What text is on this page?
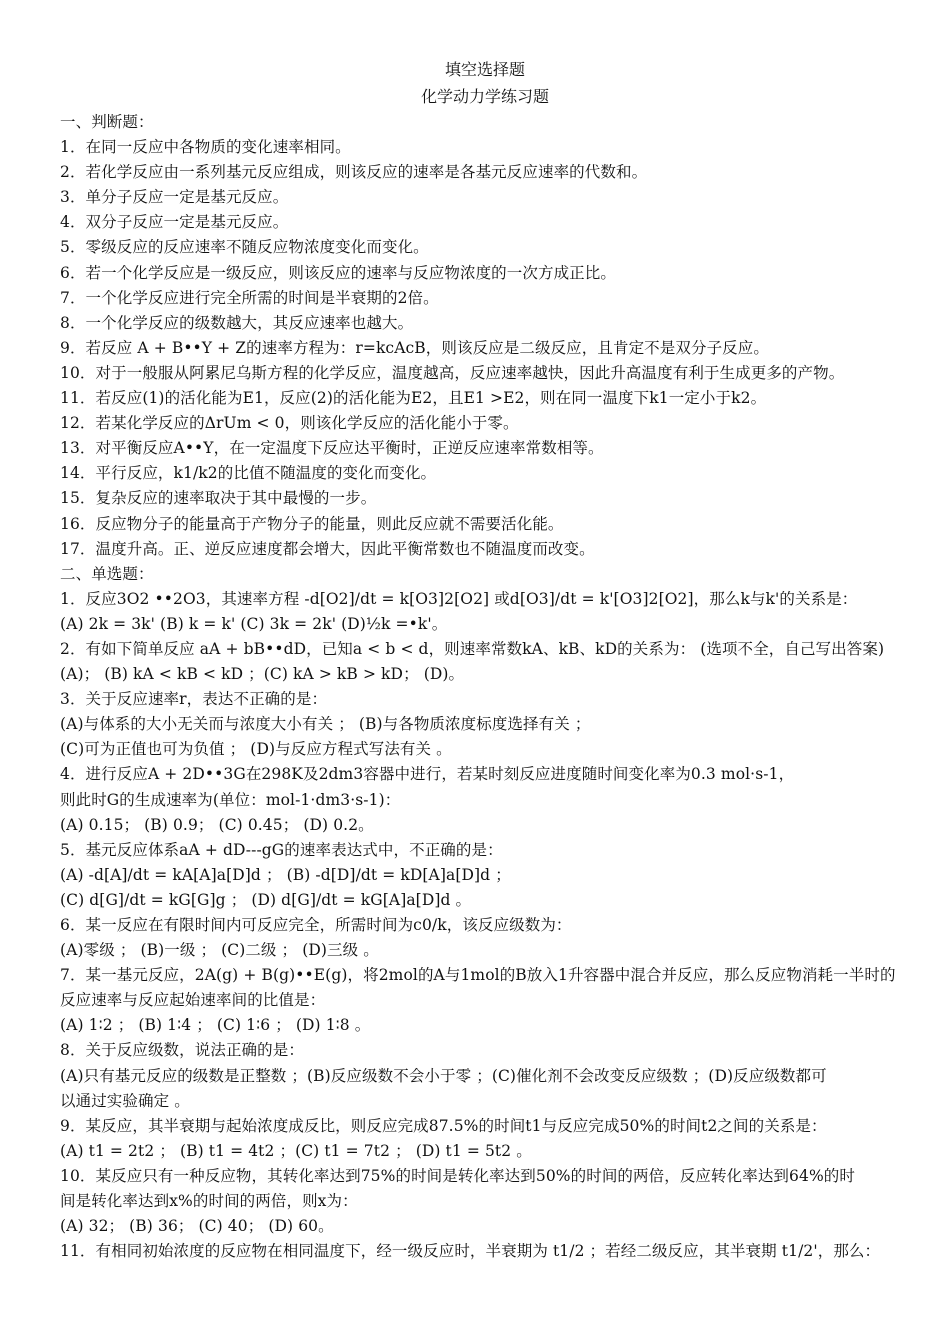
填空选择题
化学动力学练习题
一、判断题：
1．在同一反应中各物质的变化速率相同。
2．若化学反应由一系列基元反应组成，则该反应的速率是各基元反应速率的代数和。
3．单分子反应一定是基元反应。
4．双分子反应一定是基元反应。
5．零级反应的反应速率不随反应物浓度变化而变化。
6．若一个化学反应是一级反应，则该反应的速率与反应物浓度的一次方成正比。
7．一个化学反应进行完全所需的时间是半衰期的2倍。
8．一个化学反应的级数越大，其反应速率也越大。
9．若反应 A + B••Y + Z的速率方程为：r=kcAcB，则该反应是二级反应，且肯定不是双分子反应。
10．对于一般服从阿累尼乌斯方程的化学反应，温度越高，反应速率越快，因此升高温度有利于生成更多的产物。
11．若反应(1)的活化能为E1，反应(2)的活化能为E2，且E1 >E2，则在同一温度下k1一定小于k2。
12．若某化学反应的ΔrUm < 0，则该化学反应的活化能小于零。
13．对平衡反应A••Y，在一定温度下反应达平衡时，正逆反应速率常数相等。
14．平行反应，k1/k2的比值不随温度的变化而变化。
15．复杂反应的速率取决于其中最慢的一步。
16．反应物分子的能量高于产物分子的能量，则此反应就不需要活化能。
17．温度升高。正、逆反应速度都会增大，因此平衡常数也不随温度而改变。
二、单选题：
1．反应3O2 ••2O3，其速率方程 -d[O2]/dt = k[O3]2[O2] 或d[O3]/dt = k'[O3]2[O2]，那么k与k'的关系是：
(A) 2k = 3k' (B) k = k' (C) 3k = 2k' (D)½k =•k'。
2．有如下简单反应 aA + bB••dD，已知a < b < d，则速率常数kA、kB、kD的关系为： (选项不全，自己写出答案)
(A)； (B) kA < kB < kD ；(C) kA > kB > kD； (D)。
3．关于反应速率r，表达不正确的是：
(A)与体系的大小无关而与浓度大小有关 ； (B)与各物质浓度标度选择有关 ；
(C)可为正值也可为负值 ； (D)与反应方程式写法有关 。
4．进行反应A + 2D••3G在298K及2dm3容器中进行，若某时刻反应进度随时间变化率为0.3 mol·s-1，
则此时G的生成速率为(单位：mol-1·dm3·s-1)：
(A) 0.15； (B) 0.9； (C) 0.45； (D) 0.2。
5．基元反应体系aA + dD---gG的速率表达式中，不正确的是：
(A) -d[A]/dt = kA[A]a[D]d ； (B) -d[D]/dt = kD[A]a[D]d ；
(C) d[G]/dt = kG[G]g ； (D) d[G]/dt = kG[A]a[D]d 。
6．某一反应在有限时间内可反应完全，所需时间为c0/k，该反应级数为：
(A)零级 ； (B)一级 ； (C)二级 ； (D)三级 。
7．某一基元反应，2A(g) + B(g)••E(g)，将2mol的A与1mol的B放入1升容器中混合并反应，那么反应物消耗一半时的
反应速率与反应起始速率间的比值是：
(A) 1∶2 ； (B) 1∶4 ； (C) 1∶6 ； (D) 1∶8 。
8．关于反应级数，说法正确的是：
(A)只有基元反应的级数是正整数 ；(B)反应级数不会小于零 ；(C)催化剂不会改变反应级数 ；(D)反应级数都可
以通过实验确定 。
9．某反应，其半衰期与起始浓度成反比，则反应完成87.5%的时间t1与反应完成50%的时间t2之间的关系是：
(A) t1 = 2t2 ； (B) t1 = 4t2 ；(C) t1 = 7t2 ； (D) t1 = 5t2 。
10．某反应只有一种反应物，其转化率达到75%的时间是转化率达到50%的时间的两倍，反应转化率达到64%的时
间是转化率达到x%的时间的两倍，则x为：
(A) 32； (B) 36； (C) 40； (D) 60。
11．有相同初始浓度的反应物在相同温度下，经一级反应时，半衰期为 t1/2 ；若经二级反应，其半衰期 t1/2'，那么：
